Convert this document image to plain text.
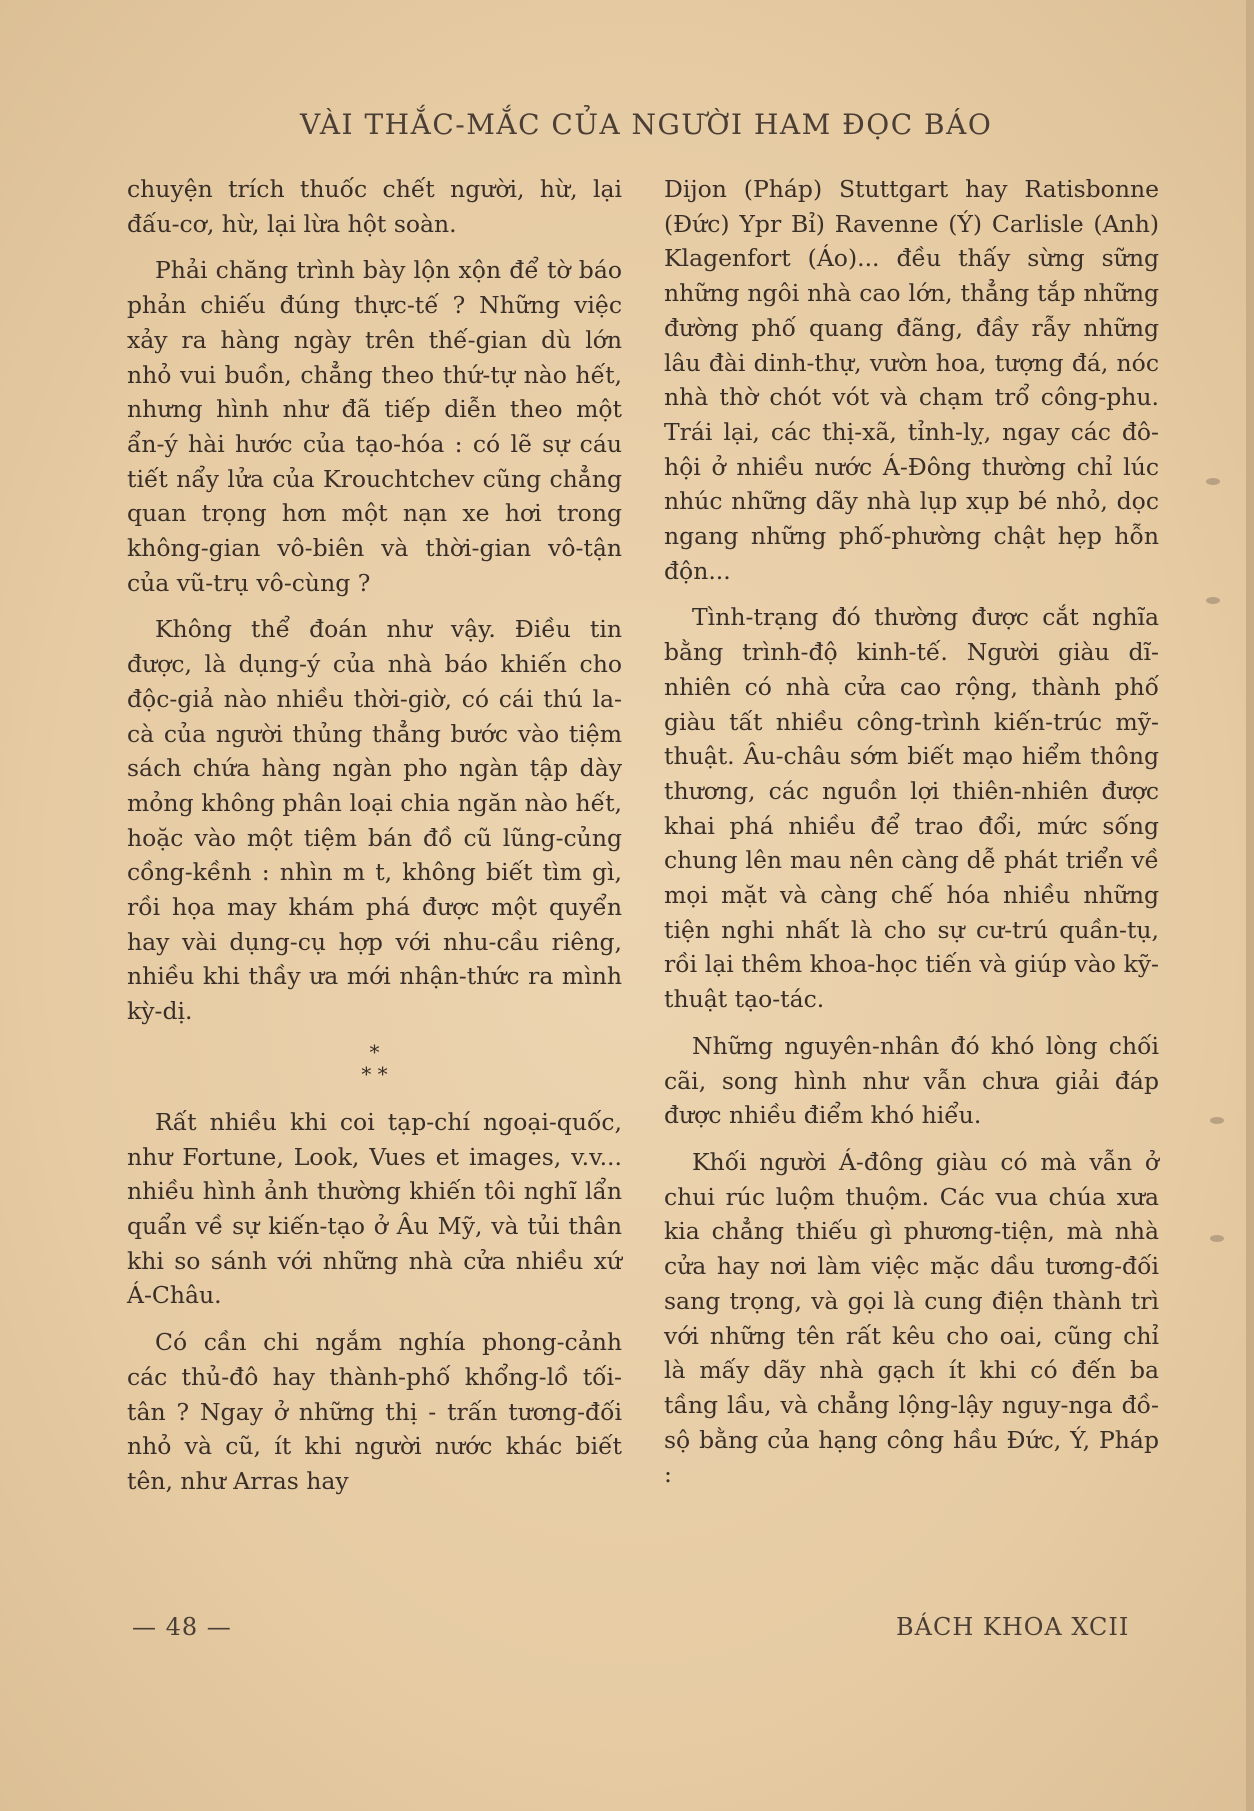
VÀI THẮC-MẮC CỦA NGƯỜI HAM ĐỌC BÁO

chuyện trích thuốc chết người, hừ, lại đấu-cơ, hừ, lại lừa hột soàn.

Phải chăng trình bày lộn xộn để tờ báo phản chiếu đúng thực-tế ? Những việc xảy ra hàng ngày trên thế-gian dù lớn nhỏ vui buồn, chẳng theo thứ-tự nào hết, nhưng hình như đã tiếp diễn theo một ẩn-ý hài hước của tạo-hóa : có lẽ sự cáu tiết nẩy lửa của Krouchtchev cũng chẳng quan trọng hơn một nạn xe hơi trong không-gian vô-biên và thời-gian vô-tận của vũ-trụ vô-cùng ?

Không thể đoán như vậy. Điều tin được, là dụng-ý của nhà báo khiến cho độc-giả nào nhiều thời-giờ, có cái thú la-cà của người thủng thẳng bước vào tiệm sách chứa hàng ngàn pho ngàn tập dày mỏng không phân loại chia ngăn nào hết, hoặc vào một tiệm bán đồ cũ lũng-củng cồng-kềnh : nhìn m t, không biết tìm gì, rồi họa may khám phá được một quyển hay vài dụng-cụ hợp với nhu-cầu riêng, nhiều khi thầy ưa mới nhận-thức ra mình kỳ-dị.

*
* *

Rất nhiều khi coi tạp-chí ngoại-quốc, như Fortune, Look, Vues et images, v.v... nhiều hình ảnh thường khiến tôi nghĩ lẩn quẩn về sự kiến-tạo ở Âu Mỹ, và tủi thân khi so sánh với những nhà cửa nhiều xứ Á-Châu.

Có cần chi ngắm nghía phong-cảnh các thủ-đô hay thành-phố khổng-lồ tối-tân ? Ngay ở những thị - trấn tương-đối nhỏ và cũ, ít khi người nước khác biết tên, như Arras hay

Dijon (Pháp) Stuttgart hay Ratisbonne (Đức) Ypr Bỉ) Ravenne (Ý) Carlisle (Anh) Klagenfort (Áo)... đều thấy sừng sững những ngôi nhà cao lớn, thẳng tắp những đường phố quang đãng, đầy rẫy những lâu đài dinh-thự, vườn hoa, tượng đá, nóc nhà thờ chót vót và chạm trổ công-phu. Trái lại, các thị-xã, tỉnh-lỵ, ngay các đô-hội ở nhiều nước Á-Đông thường chỉ lúc nhúc những dãy nhà lụp xụp bé nhỏ, dọc ngang những phố-phường chật hẹp hỗn độn...

Tình-trạng đó thường được cắt nghĩa bằng trình-độ kinh-tế. Người giàu dĩ-nhiên có nhà cửa cao rộng, thành phố giàu tất nhiều công-trình kiến-trúc mỹ-thuật. Âu-châu sớm biết mạo hiểm thông thương, các nguồn lợi thiên-nhiên được khai phá nhiều để trao đổi, mức sống chung lên mau nên càng dễ phát triển về mọi mặt và càng chế hóa nhiều những tiện nghi nhất là cho sự cư-trú quần-tụ, rồi lại thêm khoa-học tiến và giúp vào kỹ-thuật tạo-tác.

Những nguyên-nhân đó khó lòng chối cãi, song hình như vẫn chưa giải đáp được nhiều điểm khó hiểu.

Khối người Á-đông giàu có mà vẫn ở chui rúc luộm thuộm. Các vua chúa xưa kia chẳng thiếu gì phương-tiện, mà nhà cửa hay nơi làm việc mặc dầu tương-đối sang trọng, và gọi là cung điện thành trì với những tên rất kêu cho oai, cũng chỉ là mấy dãy nhà gạch ít khi có đến ba tầng lầu, và chẳng lộng-lậy nguy-nga đồ-sộ bằng của hạng công hầu Đức, Ý, Pháp :

— 48 —	BÁCH KHOA XCII
